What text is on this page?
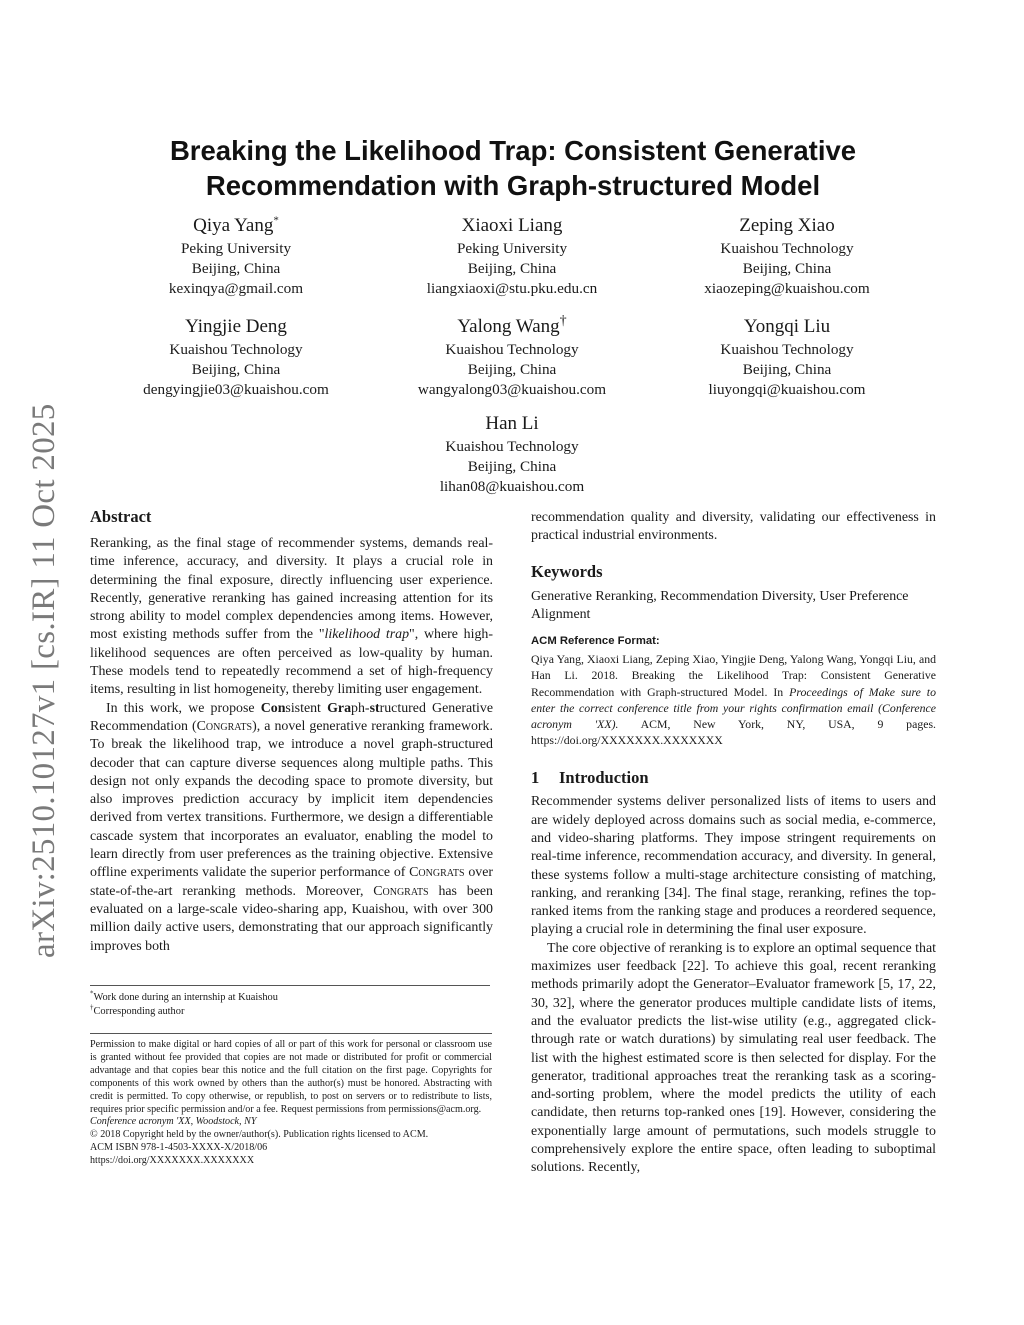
arXiv:2510.10127v1 [cs.IR] 11 Oct 2025
Breaking the Likelihood Trap: Consistent Generative
Recommendation with Graph-structured Model
Qiya Yang*
Peking University
Beijing, China
kexinqya@gmail.com
Xiaoxi Liang
Peking University
Beijing, China
liangxiaoxi@stu.pku.edu.cn
Zeping Xiao
Kuaishou Technology
Beijing, China
xiaozeping@kuaishou.com
Yingjie Deng
Kuaishou Technology
Beijing, China
dengyingjie03@kuaishou.com
Yalong Wang†
Kuaishou Technology
Beijing, China
wangyalong03@kuaishou.com
Yongqi Liu
Kuaishou Technology
Beijing, China
liuyongqi@kuaishou.com
Han Li
Kuaishou Technology
Beijing, China
lihan08@kuaishou.com
Abstract

Reranking, as the final stage of recommender systems, demands real-time inference, accuracy, and diversity. It plays a crucial role in determining the final exposure, directly influencing user experience. Recently, generative reranking has gained increasing attention for its strong ability to model complex dependencies among items. However, most existing methods suffer from the "likelihood trap", where high-likelihood sequences are often perceived as low-quality by human. These models tend to repeatedly recommend a set of high-frequency items, resulting in list homogeneity, thereby limiting user engagement.

In this work, we propose Consistent Graph-structured Generative Recommendation (Congrats), a novel generative reranking framework. To break the likelihood trap, we introduce a novel graph-structured decoder that can capture diverse sequences along multiple paths. This design not only expands the decoding space to promote diversity, but also improves prediction accuracy by implicit item dependencies derived from vertex transitions. Furthermore, we design a differentiable cascade system that incorporates an evaluator, enabling the model to learn directly from user preferences as the training objective. Extensive offline experiments validate the superior performance of Congrats over state-of-the-art reranking methods. Moreover, Congrats has been evaluated on a large-scale video-sharing app, Kuaishou, with over 300 million daily active users, demonstrating that our approach significantly improves both

*Work done during an internship at Kuaishou
†Corresponding author
Permission to make digital or hard copies of all or part of this work for personal or classroom use is granted without fee provided that copies are not made or distributed for profit or commercial advantage and that copies bear this notice and the full citation on the first page. Copyrights for components of this work owned by others than the author(s) must be honored. Abstracting with credit is permitted. To copy otherwise, or republish, to post on servers or to redistribute to lists, requires prior specific permission and/or a fee. Request permissions from permissions@acm.org.
Conference acronym 'XX, Woodstock, NY
© 2018 Copyright held by the owner/author(s). Publication rights licensed to ACM.
ACM ISBN 978-1-4503-XXXX-X/2018/06
https://doi.org/XXXXXXX.XXXXXXX

recommendation quality and diversity, validating our effectiveness in practical industrial environments.

Keywords

Generative Reranking, Recommendation Diversity, User Preference Alignment

ACM Reference Format:

Qiya Yang, Xiaoxi Liang, Zeping Xiao, Yingjie Deng, Yalong Wang, Yongqi Liu, and Han Li. 2018. Breaking the Likelihood Trap: Consistent Generative Recommendation with Graph-structured Model. In Proceedings of Make sure to enter the correct conference title from your rights confirmation email (Conference acronym 'XX). ACM, New York, NY, USA, 9 pages. https://doi.org/XXXXXXX.XXXXXXX

1 Introduction

Recommender systems deliver personalized lists of items to users and are widely deployed across domains such as social media, e-commerce, and video-sharing platforms. They impose stringent requirements on real-time inference, recommendation accuracy, and diversity. In general, these systems follow a multi-stage architecture consisting of matching, ranking, and reranking [34]. The final stage, reranking, refines the top-ranked items from the ranking stage and produces a reordered sequence, playing a crucial role in determining the final user exposure.

The core objective of reranking is to explore an optimal sequence that maximizes user feedback [22]. To achieve this goal, recent reranking methods primarily adopt the Generator–Evaluator framework [5, 17, 22, 30, 32], where the generator produces multiple candidate lists of items, and the evaluator predicts the list-wise utility (e.g., aggregated click-through rate or watch durations) by simulating real user feedback. The list with the highest estimated score is then selected for display. For the generator, traditional approaches treat the reranking task as a scoring-and-sorting problem, where the model predicts the utility of each candidate, then returns top-ranked ones [19]. However, considering the exponentially large amount of permutations, such models struggle to comprehensively explore the entire space, often leading to suboptimal solutions. Recently,
